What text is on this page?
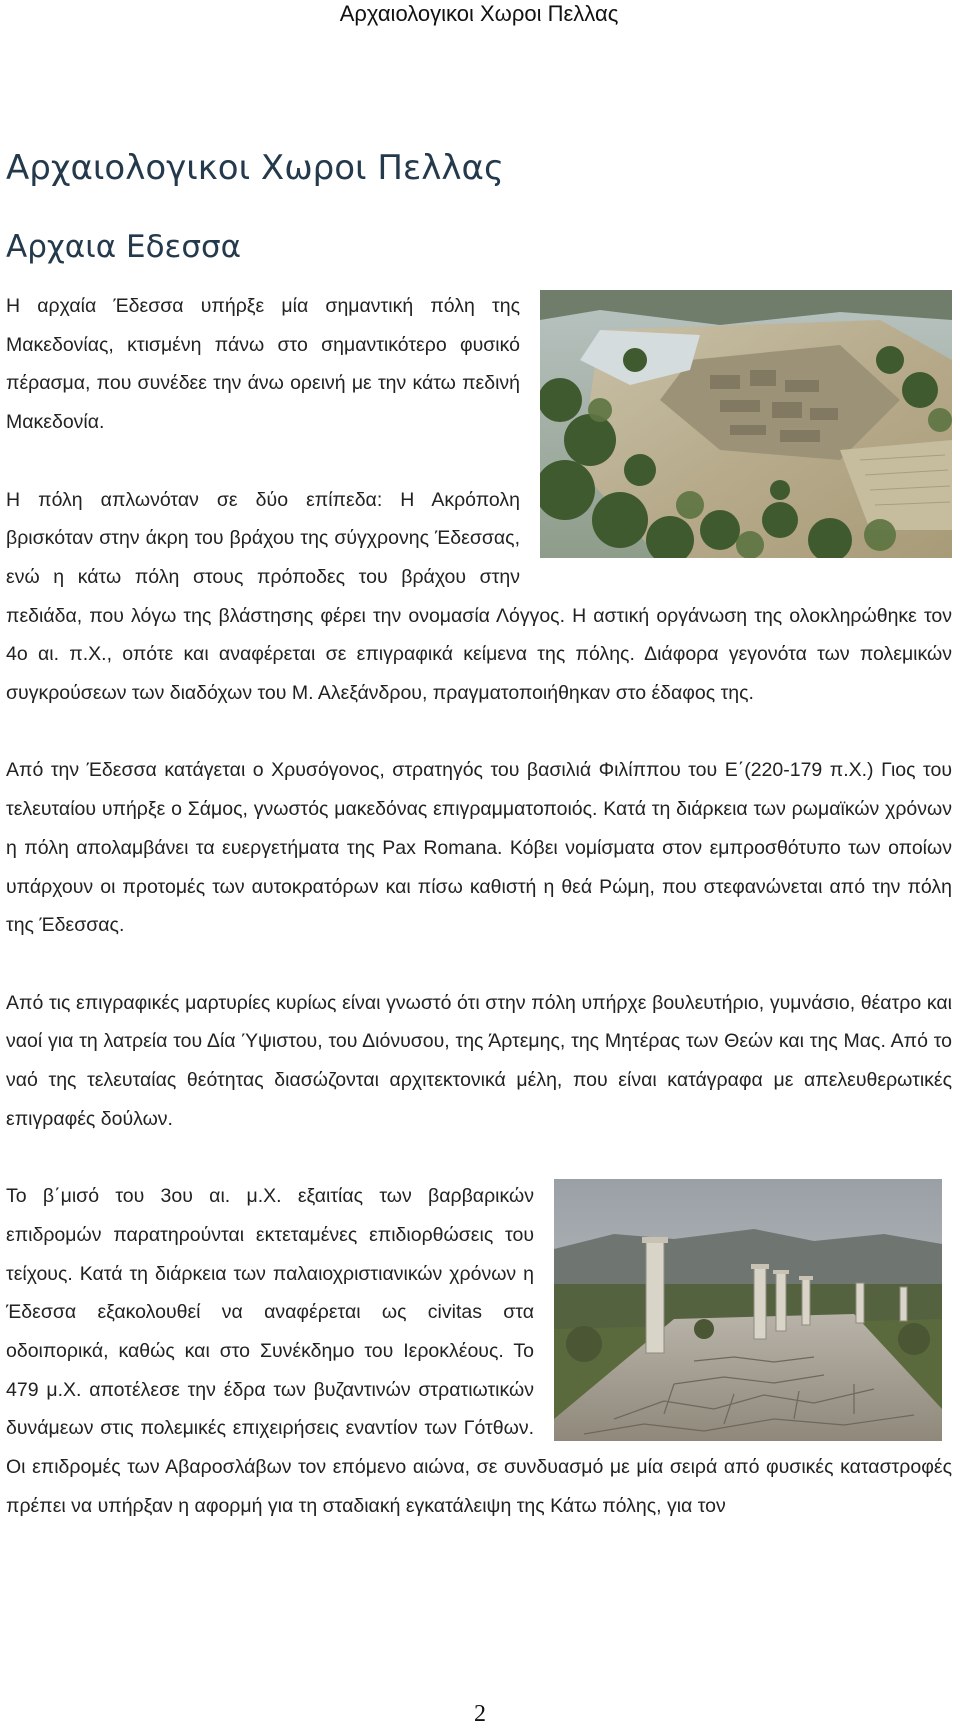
Αρχαιολογικοι Χωροι Πελλας
Αρχαιολογικοι Χωροι Πελλας
Αρχαια Εδεσσα

Η αρχαία Έδεσσα υπήρξε μία σημαντική πόλη της Μακεδονίας, κτισμένη πάνω στο σημαντικότερο φυσικό πέρασμα, που συνέδεε την άνω ορεινή με την κάτω πεδινή Μακεδονία.

Η πόλη απλωνόταν σε δύο επίπεδα: Η Ακρόπολη βρισκόταν στην άκρη του βράχου της σύγχρονης Έδεσσας, ενώ η κάτω πόλη στους πρόποδες του βράχου στην πεδιάδα, που λόγω της βλάστησης φέρει την ονομασία Λόγγος. Η αστική οργάνωση της ολοκληρώθηκε τον 4ο αι. π.Χ., οπότε και αναφέρεται σε επιγραφικά κείμενα της πόλης. Διάφορα γεγονότα των πολεμικών συγκρούσεων των διαδόχων του Μ. Αλεξάνδρου, πραγματοποιήθηκαν στο έδαφος της.

Από την Έδεσσα κατάγεται ο Χρυσόγονος, στρατηγός του βασιλιά Φιλίππου του Ε΄(220-179 π.Χ.) Γιος του τελευταίου υπήρξε ο Σάμος, γνωστός μακεδόνας επιγραμματοποιός. Κατά τη διάρκεια των ρωμαϊκών χρόνων η πόλη απολαμβάνει τα ευεργετήματα της Pax Romana. Κόβει νομίσματα στον εμπροσθότυπο των οποίων υπάρχουν οι προτομές των αυτοκρατόρων και πίσω καθιστή η θεά Ρώμη, που στεφανώνεται από την πόλη της Έδεσσας.

Από τις επιγραφικές μαρτυρίες κυρίως είναι γνωστό ότι στην πόλη υπήρχε βουλευτήριο, γυμνάσιο, θέατρο και ναοί για τη λατρεία του Δία Ύψιστου, του Διόνυσου, της Άρτεμης, της Μητέρας των Θεών και της Μας. Από το ναό της τελευταίας θεότητας διασώζονται αρχιτεκτονικά μέλη, που είναι κατάγραφα με απελευθερωτικές επιγραφές δούλων.

Το β΄μισό του 3ου αι. μ.Χ. εξαιτίας των βαρβαρικών επιδρομών παρατηρούνται εκτεταμένες επιδιορθώσεις του τείχους. Κατά τη διάρκεια των παλαιοχριστιανικών χρόνων η Έδεσσα εξακολουθεί να αναφέρεται ως civitas στα οδοιπορικά, καθώς και στο Συνέκδημο του Ιεροκλέους. Το 479 μ.Χ. αποτέλεσε την έδρα των βυζαντινών στρατιωτικών δυνάμεων στις πολεμικές επιχειρήσεις εναντίον των Γότθων. Οι επιδρομές των Αβαροσλάβων τον επόμενο αιώνα, σε συνδυασμό με μία σειρά από φυσικές καταστροφές πρέπει να υπήρξαν η αφορμή για τη σταδιακή εγκατάλειψη της Κάτω πόλης, για τον

2
